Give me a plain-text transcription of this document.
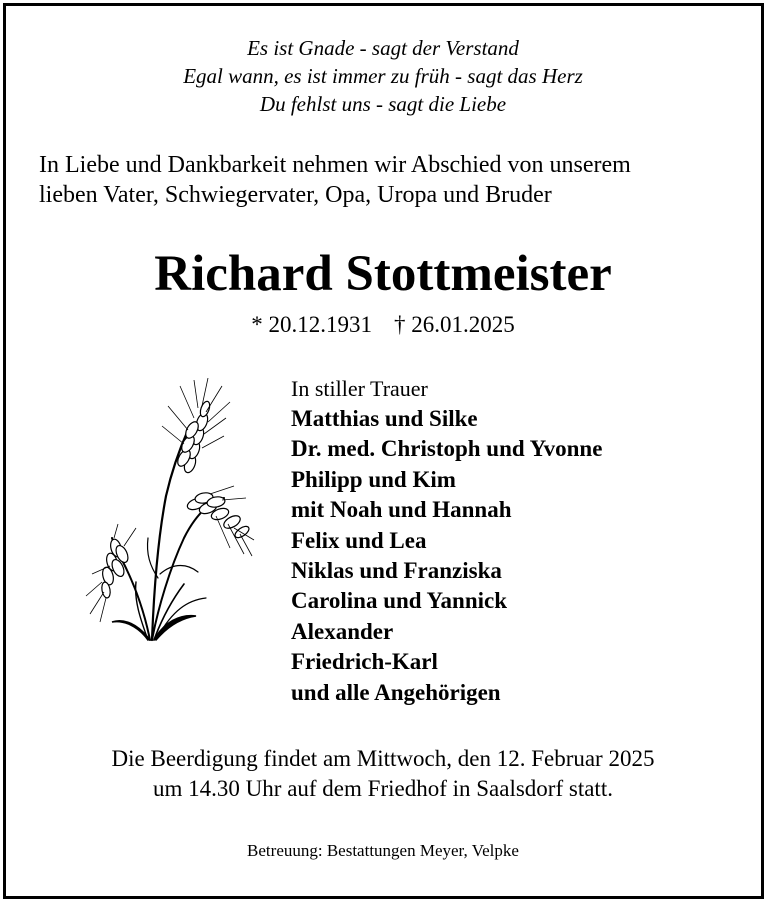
Es ist Gnade - sagt der Verstand
Egal wann, es ist immer zu früh - sagt das Herz
Du fehlst uns - sagt die Liebe
In Liebe und Dankbarkeit nehmen wir Abschied von unserem
lieben Vater, Schwiegervater, Opa, Uropa und Bruder
Richard Stottmeister
* 20.12.1931 † 26.01.2025
In stiller Trauer
Matthias und Silke
Dr. med. Christoph und Yvonne
Philipp und Kim
mit Noah und Hannah
Felix und Lea
Niklas und Franziska
Carolina und Yannick
Alexander
Friedrich-Karl
und alle Angehörigen
Die Beerdigung findet am Mittwoch, den 12. Februar 2025
um 14.30 Uhr auf dem Friedhof in Saalsdorf statt.
Betreuung: Bestattungen Meyer, Velpke
